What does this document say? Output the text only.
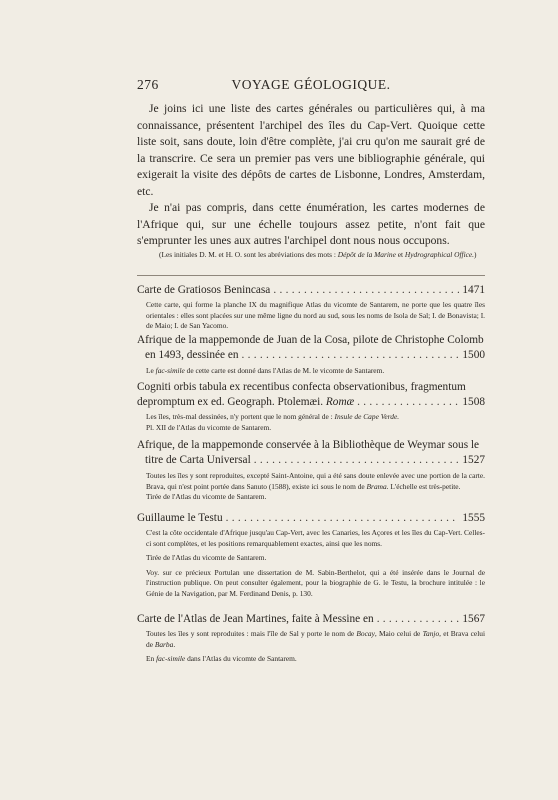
276	VOYAGE GÉOLOGIQUE.

Je joins ici une liste des cartes générales ou particulières qui, à ma connaissance, présentent l'archipel des îles du Cap-Vert. Quoique cette liste soit, sans doute, loin d'être complète, j'ai cru qu'on me saurait gré de la transcrire. Ce sera un premier pas vers une bibliographie générale, qui exigerait la visite des dépôts de cartes de Lisbonne, Londres, Amsterdam, etc.

Je n'ai pas compris, dans cette énumération, les cartes modernes de l'Afrique qui, sur une échelle toujours assez petite, n'ont fait que s'emprunter les unes aux autres l'archipel dont nous nous occupons.

(Les initiales D. M. et H. O. sont les abréviations des mots : Dépôt de la Marine et Hydrographical Office.)

Carte de Gratiosos Benincasa .....	1471

Cette carte, qui forme la planche IX du magnifique Atlas du vicomte de Santarem, ne porte que les quatre îles orientales : elles sont placées sur une même ligne du nord au sud, sous les noms de Isola de Sal; I. de Bonavista; I. de Maio; I. de San Yacomo.

Afrique de la mappemonde de Juan de la Cosa, pilote de Christophe Colomb

en 1493, dessinée en .....	1500

Le fac-simile de cette carte est donné dans l'Atlas de M. le vicomte de Santarem.

Cogniti orbis tabula ex recentibus confecta observationibus, fragmentum

depromptum ex ed. Geograph. Ptolemæi. Romæ .....	1508

Les îles, très-mal dessinées, n'y portent que le nom général de : Insule de Cape Verde.

Pl. XII de l'Atlas du vicomte de Santarem.

Afrique, de la mappemonde conservée à la Bibliothèque de Weymar sous le

titre de Carta Universal .....	1527

Toutes les îles y sont reproduites, excepté Saint-Antoine, qui a été sans doute enlevée avec une portion de la carte. Brava, qui n'est point portée dans Sanuto (1588), existe ici sous le nom de Brama. L'échelle est très-petite.

Tirée de l'Atlas du vicomte de Santarem.

Guillaume le Testu .....	1555

C'est la côte occidentale d'Afrique jusqu'au Cap-Vert, avec les Canaries, les Açores et les îles du Cap-Vert. Celles-ci sont complètes, et les positions remarquablement exactes, ainsi que les noms.

Tirée de l'Atlas du vicomte de Santarem.

Voy. sur ce précieux Portulan une dissertation de M. Sabin-Berthelot, qui a été insérée dans le Journal de l'instruction publique. On peut consulter également, pour la biographie de G. le Testu, la brochure intitulée : le Génie de la Navigation, par M. Ferdinand Denis, p. 130.

Carte de l'Atlas de Jean Martines, faite à Messine en .....	1567

Toutes les îles y sont reproduites : mais l'île de Sal y porte le nom de Bocay, Maio celui de Tanjo, et Brava celui de Barba.

En fac-simile dans l'Atlas du vicomte de Santarem.
